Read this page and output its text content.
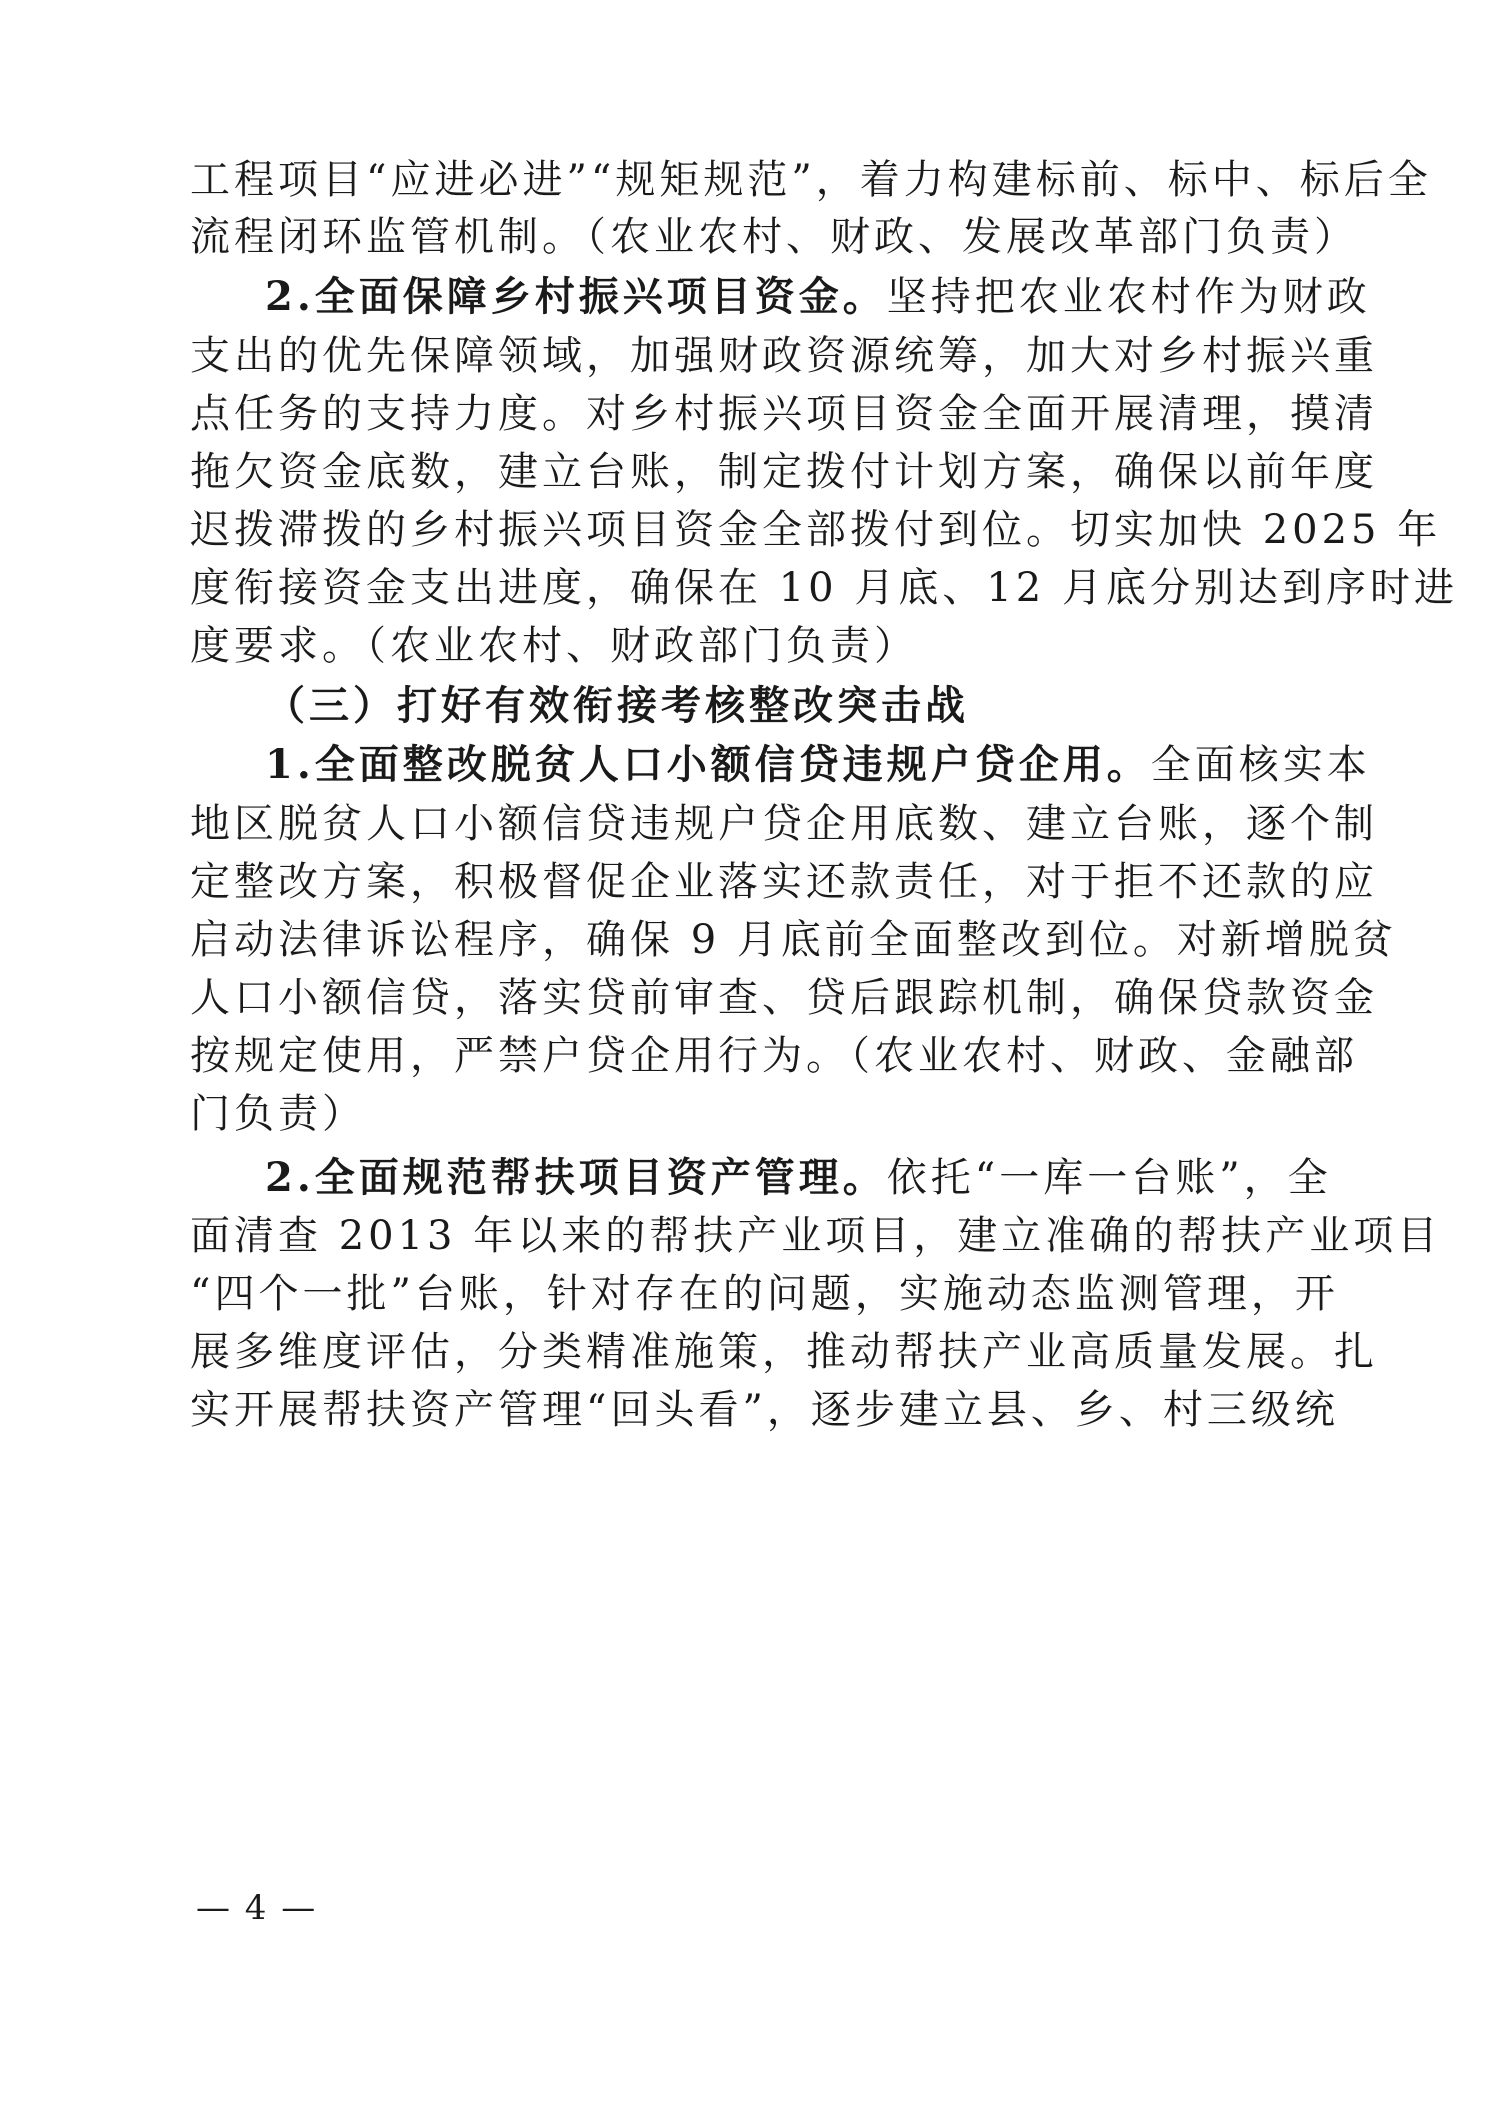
工程项目“应进必进”“规矩规范”，着力构建标前、标中、标后全
流程闭环监管机制。（农业农村、财政、发展改革部门负责）
2.全面保障乡村振兴项目资金。坚持把农业农村作为财政
支出的优先保障领域，加强财政资源统筹，加大对乡村振兴重
点任务的支持力度。对乡村振兴项目资金全面开展清理，摸清
拖欠资金底数，建立台账，制定拨付计划方案，确保以前年度
迟拨滞拨的乡村振兴项目资金全部拨付到位。切实加快 2025 年
度衔接资金支出进度，确保在 10 月底、12 月底分别达到序时进
度要求。（农业农村、财政部门负责）
（三）打好有效衔接考核整改突击战
1.全面整改脱贫人口小额信贷违规户贷企用。全面核实本
地区脱贫人口小额信贷违规户贷企用底数、建立台账，逐个制
定整改方案，积极督促企业落实还款责任，对于拒不还款的应
启动法律诉讼程序，确保 9 月底前全面整改到位。对新增脱贫
人口小额信贷，落实贷前审查、贷后跟踪机制，确保贷款资金
按规定使用，严禁户贷企用行为。（农业农村、财政、金融部
门负责）
2.全面规范帮扶项目资产管理。依托“一库一台账”，全
面清查 2013 年以来的帮扶产业项目，建立准确的帮扶产业项目
“四个一批”台账，针对存在的问题，实施动态监测管理，开
展多维度评估，分类精准施策，推动帮扶产业高质量发展。扎
实开展帮扶资产管理“回头看”，逐步建立县、乡、村三级统
— 4 —
